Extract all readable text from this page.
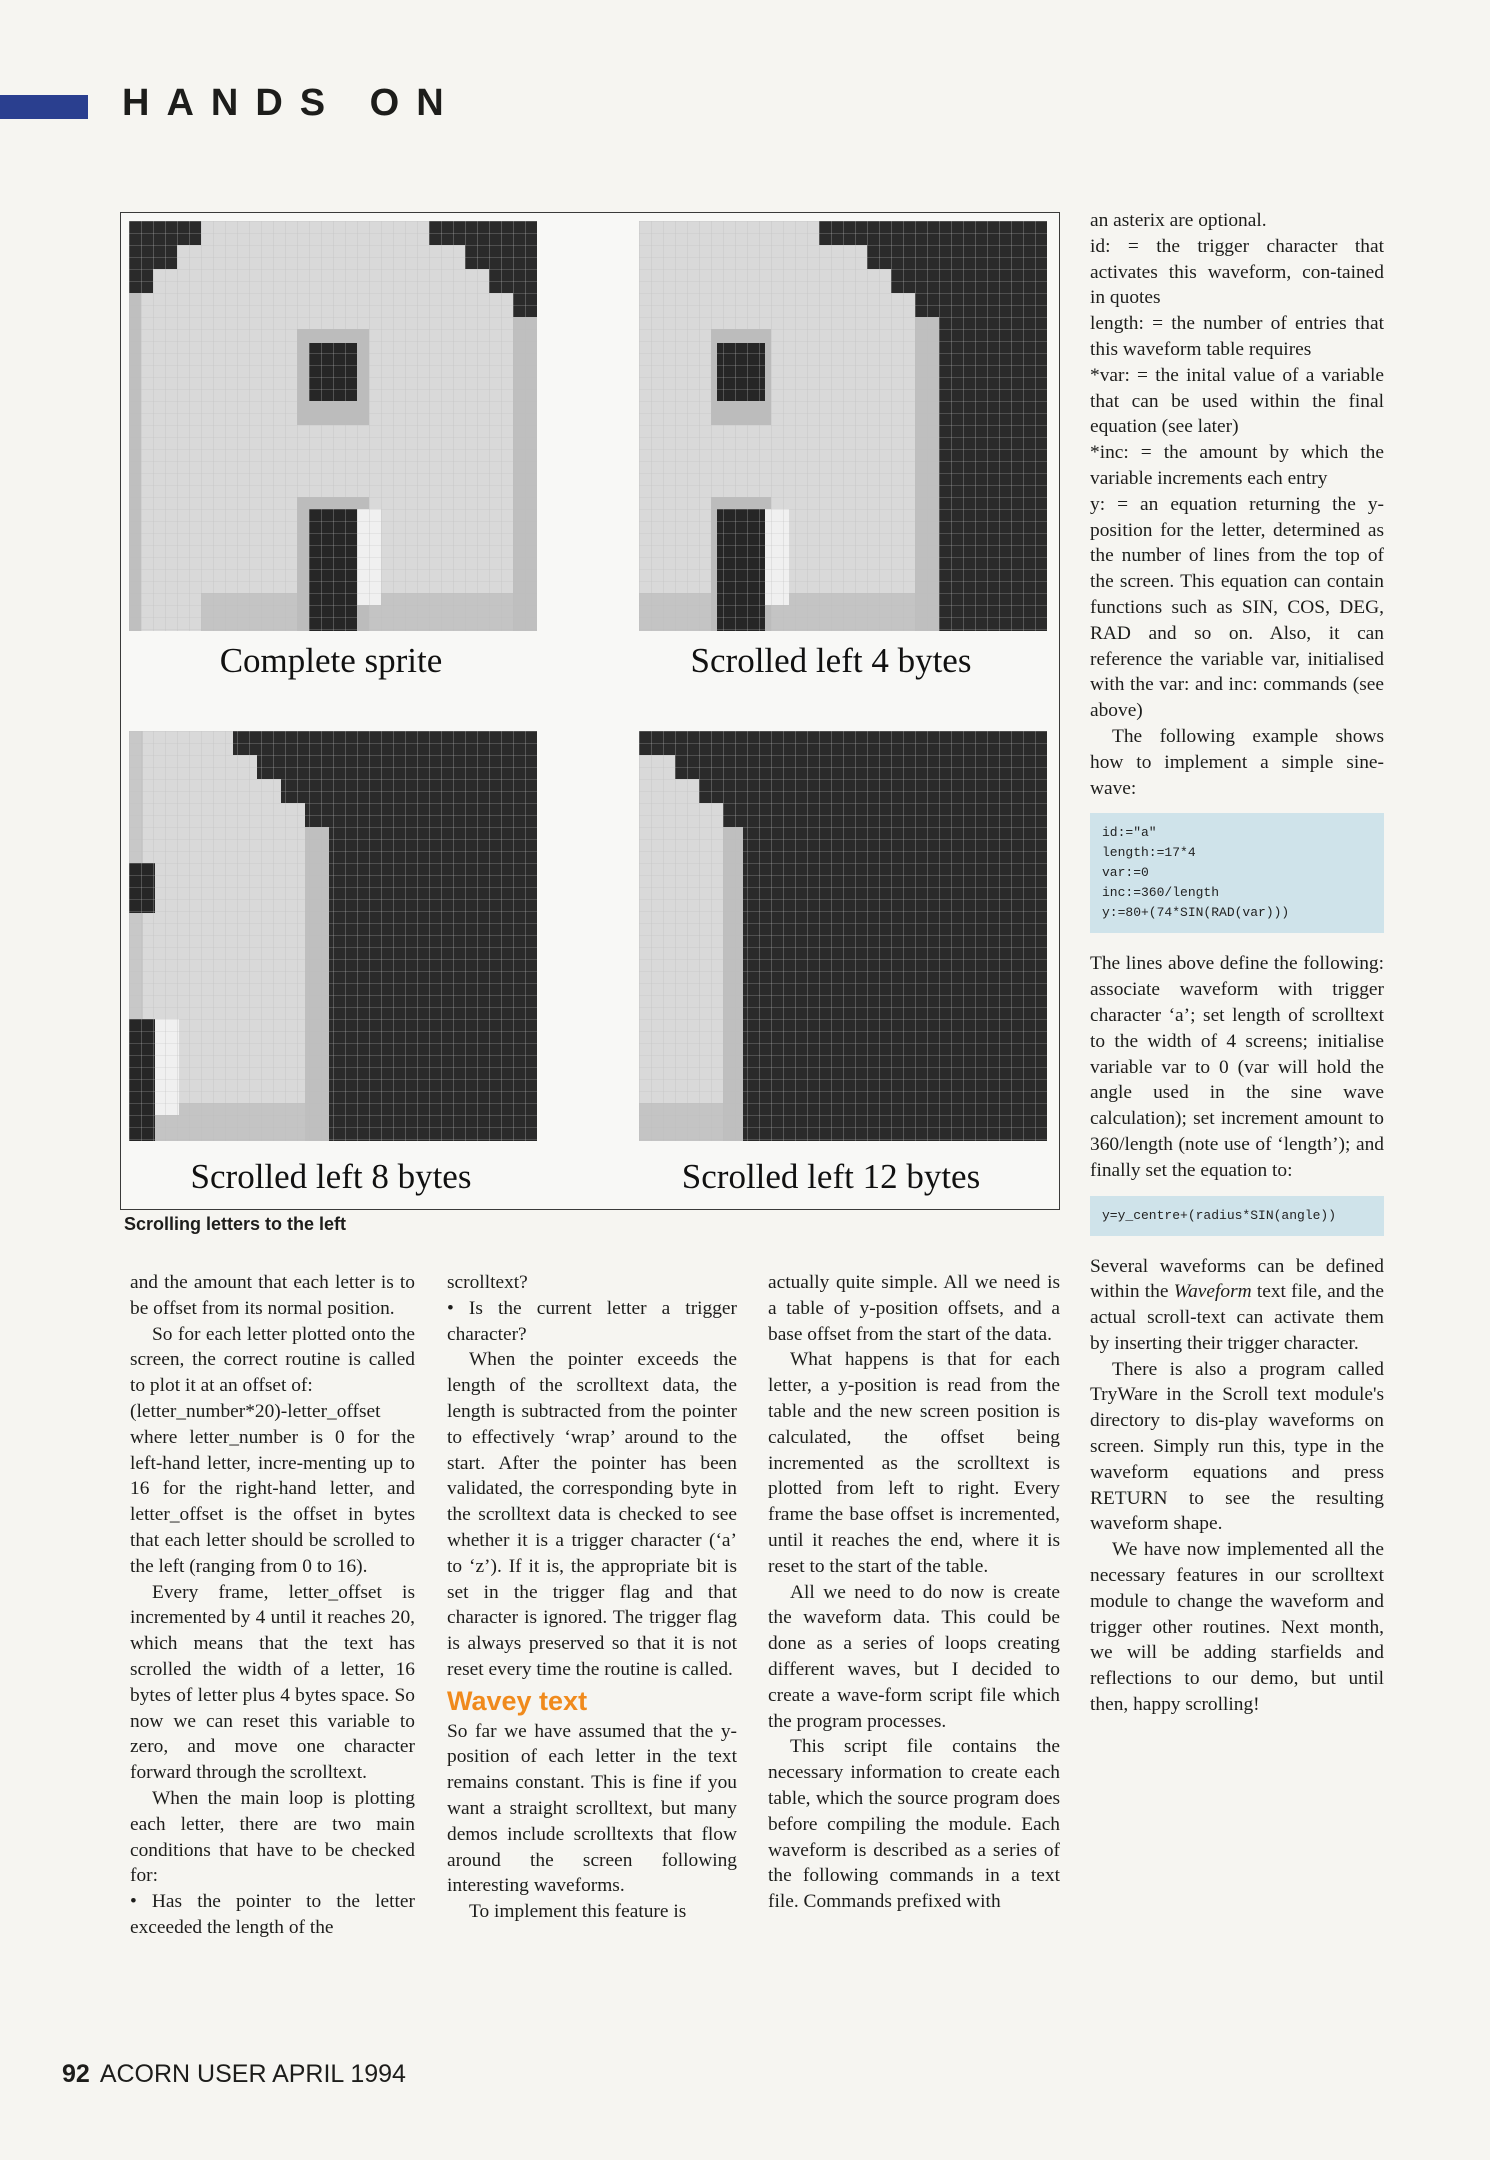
HANDS ON
Complete sprite	Scrolled left 4 bytes
Scrolled left 8 bytes	Scrolled left 12 bytes
Scrolling letters to the left

and the amount that each letter is to be offset from its normal position.

So for each letter plotted onto the screen, the correct routine is called to plot it at an offset of:

(letter_number*20)-letter_offset where letter_number is 0 for the left-hand letter, incre-menting up to 16 for the right-hand letter, and letter_offset is the offset in bytes that each letter should be scrolled to the left (ranging from 0 to 16).

Every frame, letter_offset is incremented by 4 until it reaches 20, which means that the text has scrolled the width of a letter, 16 bytes of letter plus 4 bytes space. So now we can reset this variable to zero, and move one character forward through the scrolltext.

When the main loop is plotting each letter, there are two main conditions that have to be checked for:

• Has the pointer to the letter exceeded the length of the

scrolltext?

• Is the current letter a trigger character?

When the pointer exceeds the length of the scrolltext data, the length is subtracted from the pointer to effectively ‘wrap’ around to the start. After the pointer has been validated, the corresponding byte in the scrolltext data is checked to see whether it is a trigger character (‘a’ to ‘z’). If it is, the appropriate bit is set in the trigger flag and that character is ignored. The trigger flag is always preserved so that it is not reset every time the routine is called.

Wavey text

So far we have assumed that the y-position of each letter in the text remains constant. This is fine if you want a straight scrolltext, but many demos include scrolltexts that flow around the screen following interesting waveforms.

To implement this feature is

actually quite simple. All we need is a table of y-position offsets, and a base offset from the start of the data.

What happens is that for each letter, a y-position is read from the table and the new screen position is calculated, the offset being incremented as the scrolltext is plotted from left to right. Every frame the base offset is incremented, until it reaches the end, where it is reset to the start of the table.

All we need to do now is create the waveform data. This could be done as a series of loops creating different waves, but I decided to create a wave-form script file which the program processes.

This script file contains the necessary information to create each table, which the source program does before compiling the module. Each waveform is described as a series of the following commands in a text file. Commands prefixed with

an asterix are optional.

id: = the trigger character that activates this waveform, con-tained in quotes

length: = the number of entries that this waveform table requires

*var: = the inital value of a variable that can be used within the final equation (see later)

*inc: = the amount by which the variable increments each entry

y: = an equation returning the y-position for the letter, determined as the number of lines from the top of the screen. This equation can contain functions such as SIN, COS, DEG, RAD and so on. Also, it can reference the variable var, initialised with the var: and inc: commands (see above)

The following example shows how to implement a simple sine-wave:

id:="a"
length:=17*4
var:=0
inc:=360/length
y:=80+(74*SIN(RAD(var)))

The lines above define the following: associate waveform with trigger character ‘a’; set length of scrolltext to the width of 4 screens; initialise variable var to 0 (var will hold the angle used in the sine wave calculation); set increment amount to 360/length (note use of ‘length’); and finally set the equation to:

y=y_centre+(radius*SIN(angle))

Several waveforms can be defined within the Waveform text file, and the actual scroll-text can activate them by inserting their trigger character.

There is also a program called TryWare in the Scroll text module's directory to dis-play waveforms on screen. Simply run this, type in the waveform equations and press RETURN to see the resulting waveform shape.

We have now implemented all the necessary features in our scrolltext module to change the waveform and trigger other routines. Next month, we will be adding starfields and reflections to our demo, but until then, happy scrolling!

92 ACORN USER APRIL 1994
